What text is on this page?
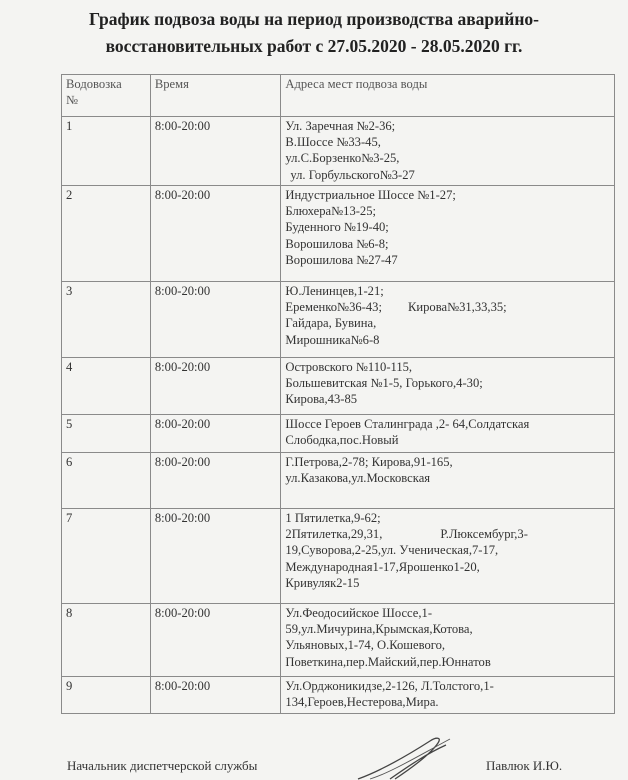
График подвоза воды на период производства аварийно-
восстановительных работ с 27.05.2020 - 28.05.2020 гг.
Водовозка
№	Время	Адреса мест подвоза воды
1	8:00-20:00	Ул. Заречная №2-36;
В.Шоссе №33-45,
ул.С.Борзенко№3-25,
ул. Горбульского№3-27

2	8:00-20:00	Индустриальное Шоссе №1-27;
Блюхера№13-25;
Буденного №19-40;
Ворошилова №6-8;
Ворошилова №27-47

3	8:00-20:00	Ю.Ленинцев,1-21;
Еременко№36-43; Кирова№31,33,35;
Гайдара, Бувина,
Мирошника№6-8

4	8:00-20:00	Островского №110-115,
Большевитская №1-5, Горького,4-30;
Кирова,43-85

5	8:00-20:00	Шоссе Героев Сталинграда ,2- 64,Солдатская
Слободка,пос.Новый

6	8:00-20:00	Г.Петрова,2-78; Кирова,91-165,
ул.Казакова,ул.Московская

7	8:00-20:00	1 Пятилетка,9-62;
2Пятилетка,29,31, Р.Люксембург,3-
19,Суворова,2-25,ул. Ученическая,7-17,
Международная1-17,Ярошенко1-20,
Кривуляк2-15

8	8:00-20:00	Ул.Феодосийское Шоссе,1-
59,ул.Мичурина,Крымская,Котова,
Ульяновых,1-74, О.Кошевого,
Поветкина,пер.Майский,пер.Юннатов

9	8:00-20:00	Ул.Орджоникидзе,2-126, Л.Толстого,1-
134,Героев,Нестерова,Мира.
Начальник диспетчерской службы	Павлюк И.Ю.
